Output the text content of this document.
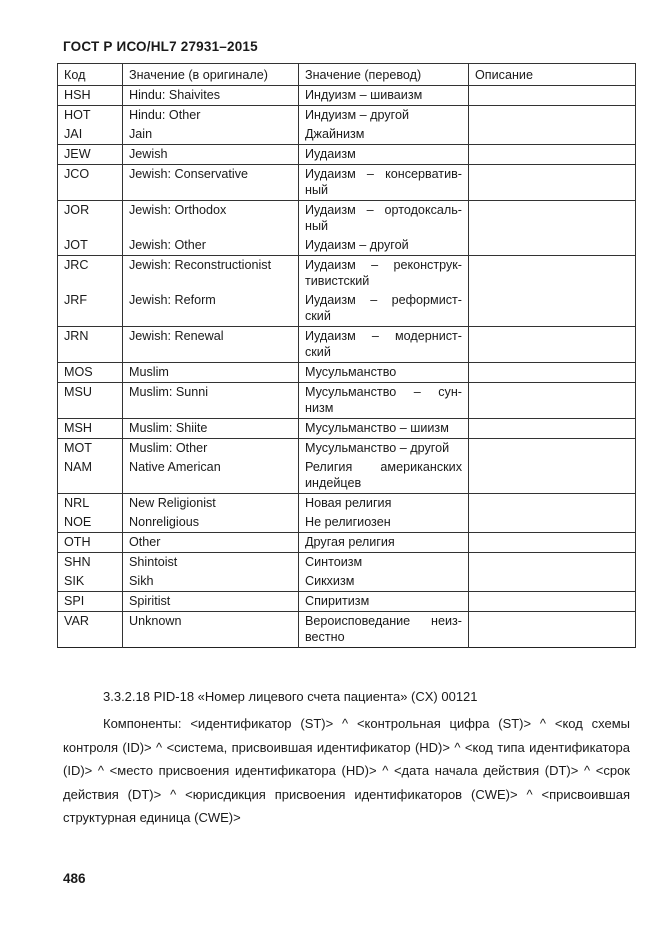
ГОСТ Р ИСО/HL7 27931–2015
Код	Значение (в оригинале)	Значение (перевод)	Описание
HSH	Hindu: Shaivites	Индуизм – шиваизм	

HOT	Hindu: Other	Индуизм – другой	

JAI	Jain	Джайнизм	

JEW	Jewish	Иудаизм	

JCO	Jewish: Conservative	Иудаизм – консерватив-
ный	

JOR	Jewish: Orthodox	Иудаизм – ортодоксаль-
ный	

JOT	Jewish: Other	Иудаизм – другой	

JRC	Jewish: Reconstructionist	Иудаизм – реконструк-
тивистский	

JRF	Jewish: Reform	Иудаизм – реформист-
ский	

JRN	Jewish: Renewal	Иудаизм – модернист-
ский	

MOS	Muslim	Мусульманство	

MSU	Muslim: Sunni	Мусульманство – сун-
низм	

MSH	Muslim: Shiite	Мусульманство – шиизм	

MOT	Muslim: Other	Мусульманство – другой	

NAM	Native American	Религия американских
индейцев	

NRL	New Religionist	Новая религия	

NOE	Nonreligious	Не религиозен	

OTH	Other	Другая религия	

SHN	Shintoist	Синтоизм	

SIK	Sikh	Сикхизм	

SPI	Spiritist	Спиритизм	

VAR	Unknown	Вероисповедание неиз-
вестно	

3.3.2.18 PID-18 «Номер лицевого счета пациента» (CX) 00121
Компоненты: <идентификатор (ST)> ^ <контрольная цифра (ST)> ^ <код схемы контроля (ID)> ^ <система, присвоившая идентификатор (HD)> ^ <код типа идентификатора (ID)> ^ <место присвоения идентификатора (HD)> ^ <дата начала действия (DT)> ^ <срок действия (DT)> ^ <юрисдикция присвоения идентификаторов (CWE)> ^ <присвоившая структурная единица (CWE)>
486
